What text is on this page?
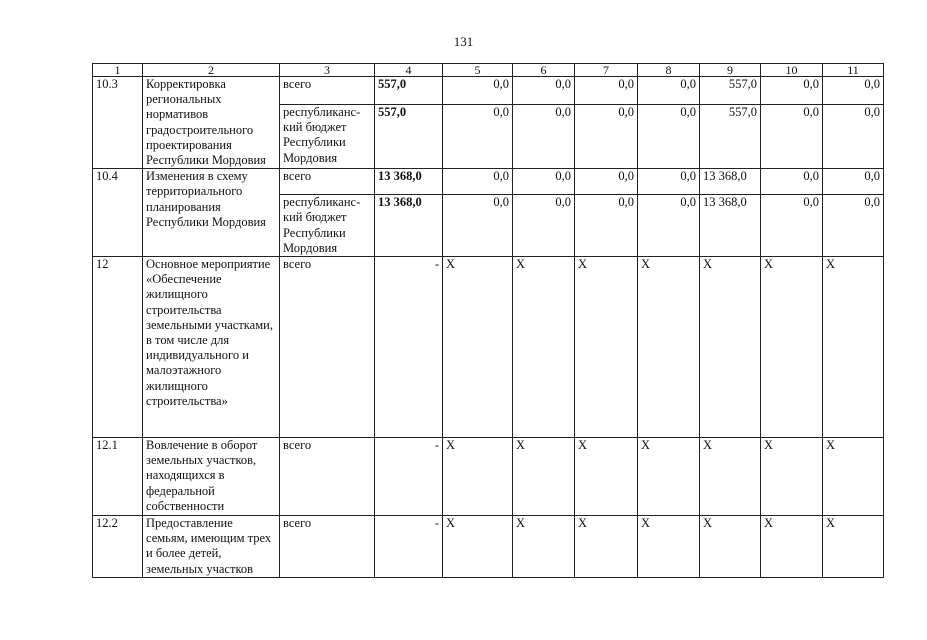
131
1	2	3	4	5	6	7	8	9	10	11
10.3	Корректировка региональных нормативов градостроительного проектирования Республики Мордовия	всего	557,0	0,0	0,0	0,0	0,0	557,0	0,0	0,0
		республиканс-кий бюджет Республики Мордовия	557,0	0,0	0,0	0,0	0,0	557,0	0,0	0,0
10.4	Изменения в схему территориального планирования Республики Мордовия	всего	13 368,0	0,0	0,0	0,0	0,0	13 368,0	0,0	0,0
		республиканс-кий бюджет Республики Мордовия	13 368,0	0,0	0,0	0,0	0,0	13 368,0	0,0	0,0
12	Основное мероприятие «Обеспечение жилищного строительства земельными участками, в том числе для индивидуального и малоэтажного жилищного строительства»	всего	-	Х	Х	Х	Х	Х	Х	Х
12.1	Вовлечение в оборот земельных участков, находящихся в федеральной собственности	всего	-	Х	Х	Х	Х	Х	Х	Х
12.2	Предоставление семьям, имеющим трех и более детей, земельных участков	всего	-	Х	Х	Х	Х	Х	Х	Х
